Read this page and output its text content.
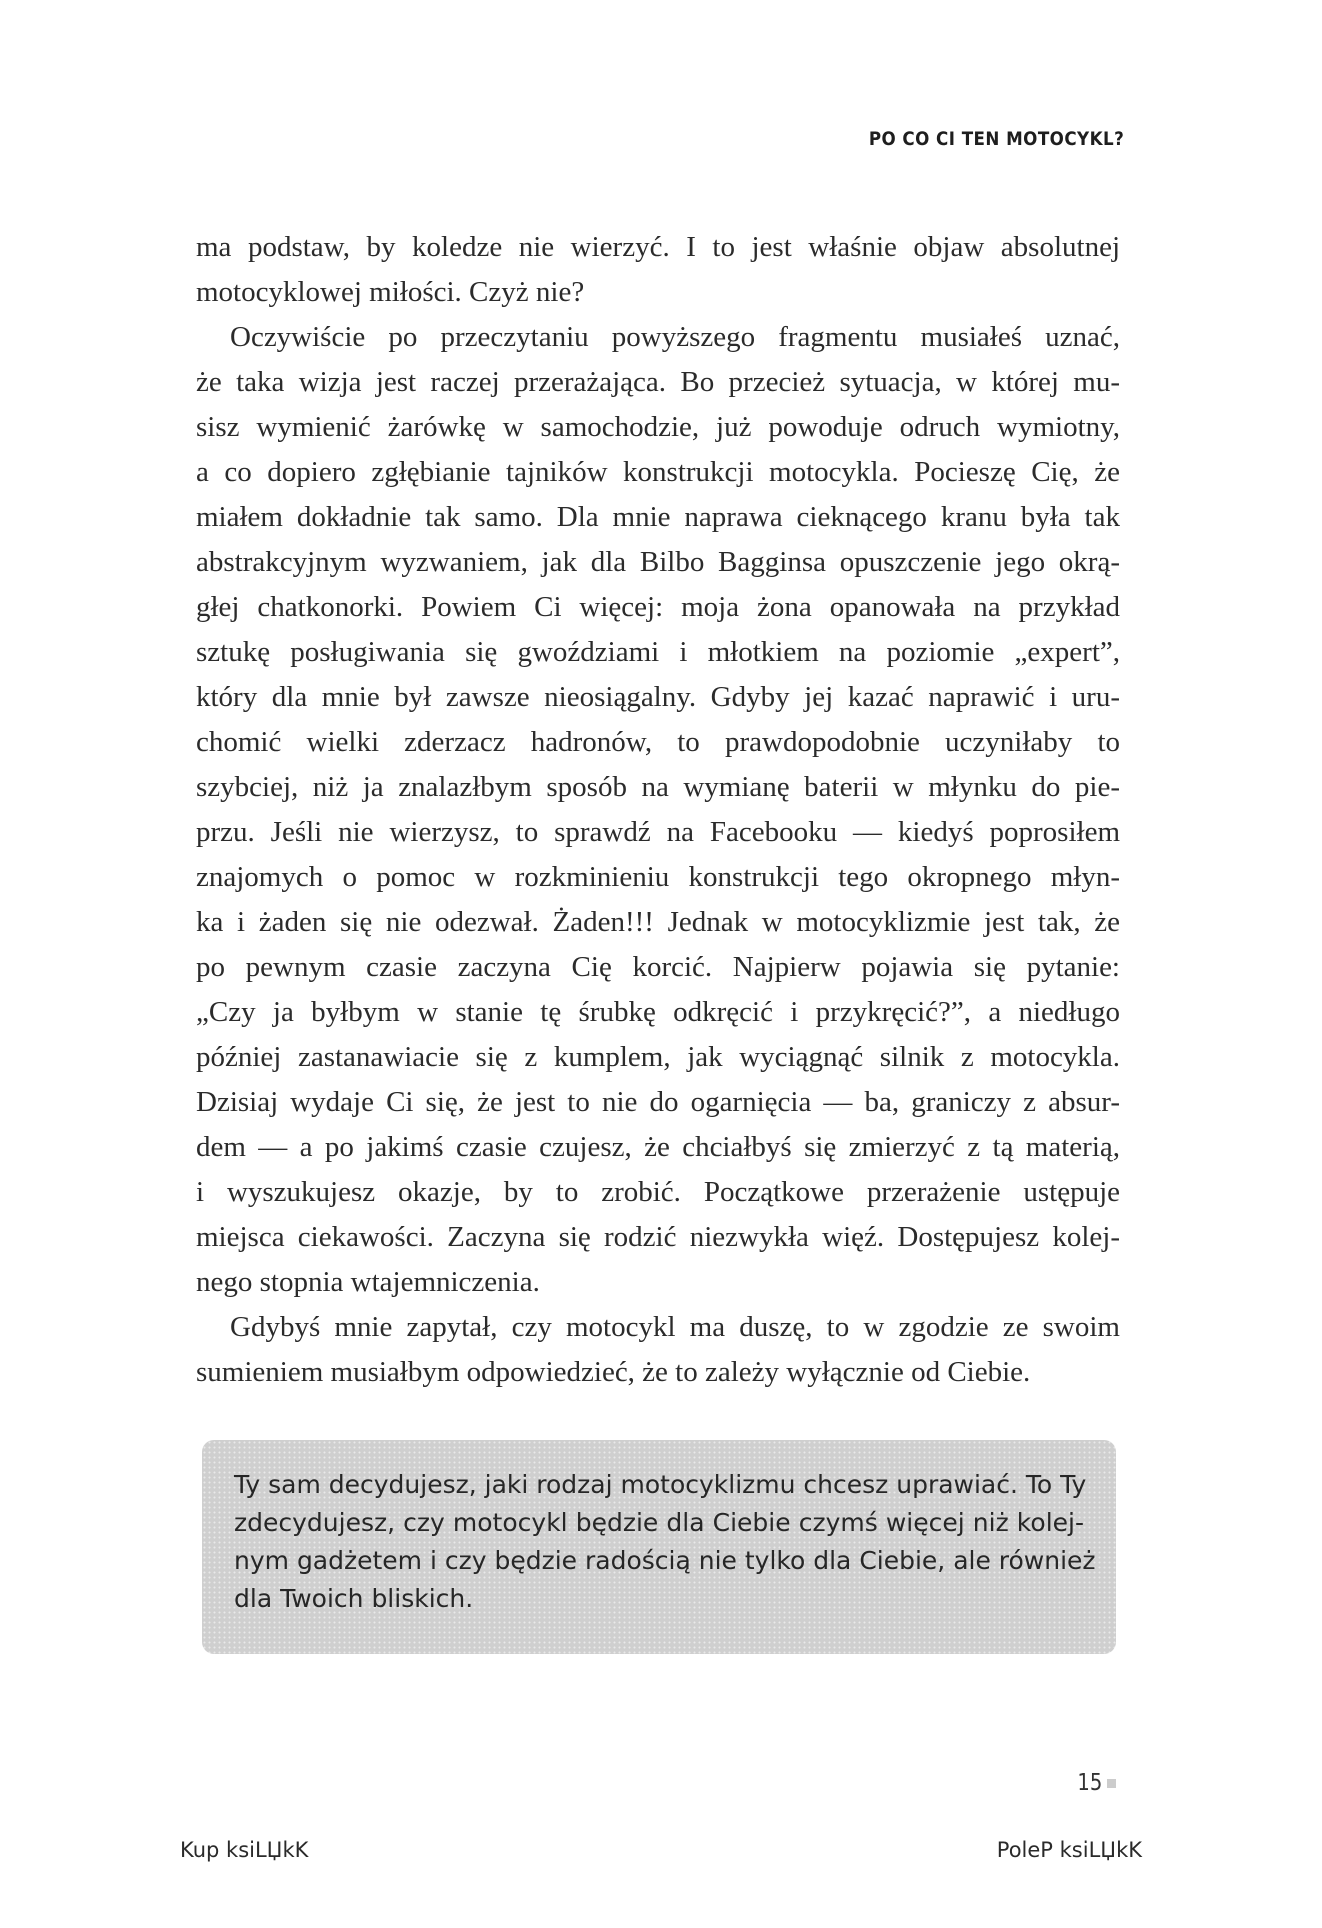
PO CO CI TEN MOTOCYKL?
ma podstaw, by koledze nie wierzyć. I to jest właśnie objaw absolutnej
motocyklowej miłości. Czyż nie?
Oczywiście po przeczytaniu powyższego fragmentu musiałeś uznać,
że taka wizja jest raczej przerażająca. Bo przecież sytuacja, w której mu-
sisz wymienić żarówkę w samochodzie, już powoduje odruch wymiotny,
a co dopiero zgłębianie tajników konstrukcji motocykla. Pocieszę Cię, że
miałem dokładnie tak samo. Dla mnie naprawa cieknącego kranu była tak
abstrakcyjnym wyzwaniem, jak dla Bilbo Bagginsa opuszczenie jego okrą-
głej chatkonorki. Powiem Ci więcej: moja żona opanowała na przykład
sztukę posługiwania się gwoździami i młotkiem na poziomie „expert”,
który dla mnie był zawsze nieosiągalny. Gdyby jej kazać naprawić i uru-
chomić wielki zderzacz hadronów, to prawdopodobnie uczyniłaby to
szybciej, niż ja znalazłbym sposób na wymianę baterii w młynku do pie-
przu. Jeśli nie wierzysz, to sprawdź na Facebooku — kiedyś poprosiłem
znajomych o pomoc w rozkminieniu konstrukcji tego okropnego młyn-
ka i żaden się nie odezwał. Żaden!!! Jednak w motocyklizmie jest tak, że
po pewnym czasie zaczyna Cię korcić. Najpierw pojawia się pytanie:
„Czy ja byłbym w stanie tę śrubkę odkręcić i przykręcić?”, a niedługo
później zastanawiacie się z kumplem, jak wyciągnąć silnik z motocykla.
Dzisiaj wydaje Ci się, że jest to nie do ogarnięcia — ba, graniczy z absur-
dem — a po jakimś czasie czujesz, że chciałbyś się zmierzyć z tą materią,
i wyszukujesz okazje, by to zrobić. Początkowe przerażenie ustępuje
miejsca ciekawości. Zaczyna się rodzić niezwykła więź. Dostępujesz kolej-
nego stopnia wtajemniczenia.
Gdybyś mnie zapytał, czy motocykl ma duszę, to w zgodzie ze swoim
sumieniem musiałbym odpowiedzieć, że to zależy wyłącznie od Ciebie.
Ty sam decydujesz, jaki rodzaj motocyklizmu chcesz uprawiać. To Ty
zdecydujesz, czy motocykl będzie dla Ciebie czymś więcej niż kolej-
nym gadżetem i czy będzie radością nie tylko dla Ciebie, ale również
dla Twoich bliskich.
15
Kup ksiLЏkK	PoleP ksiLЏkK
